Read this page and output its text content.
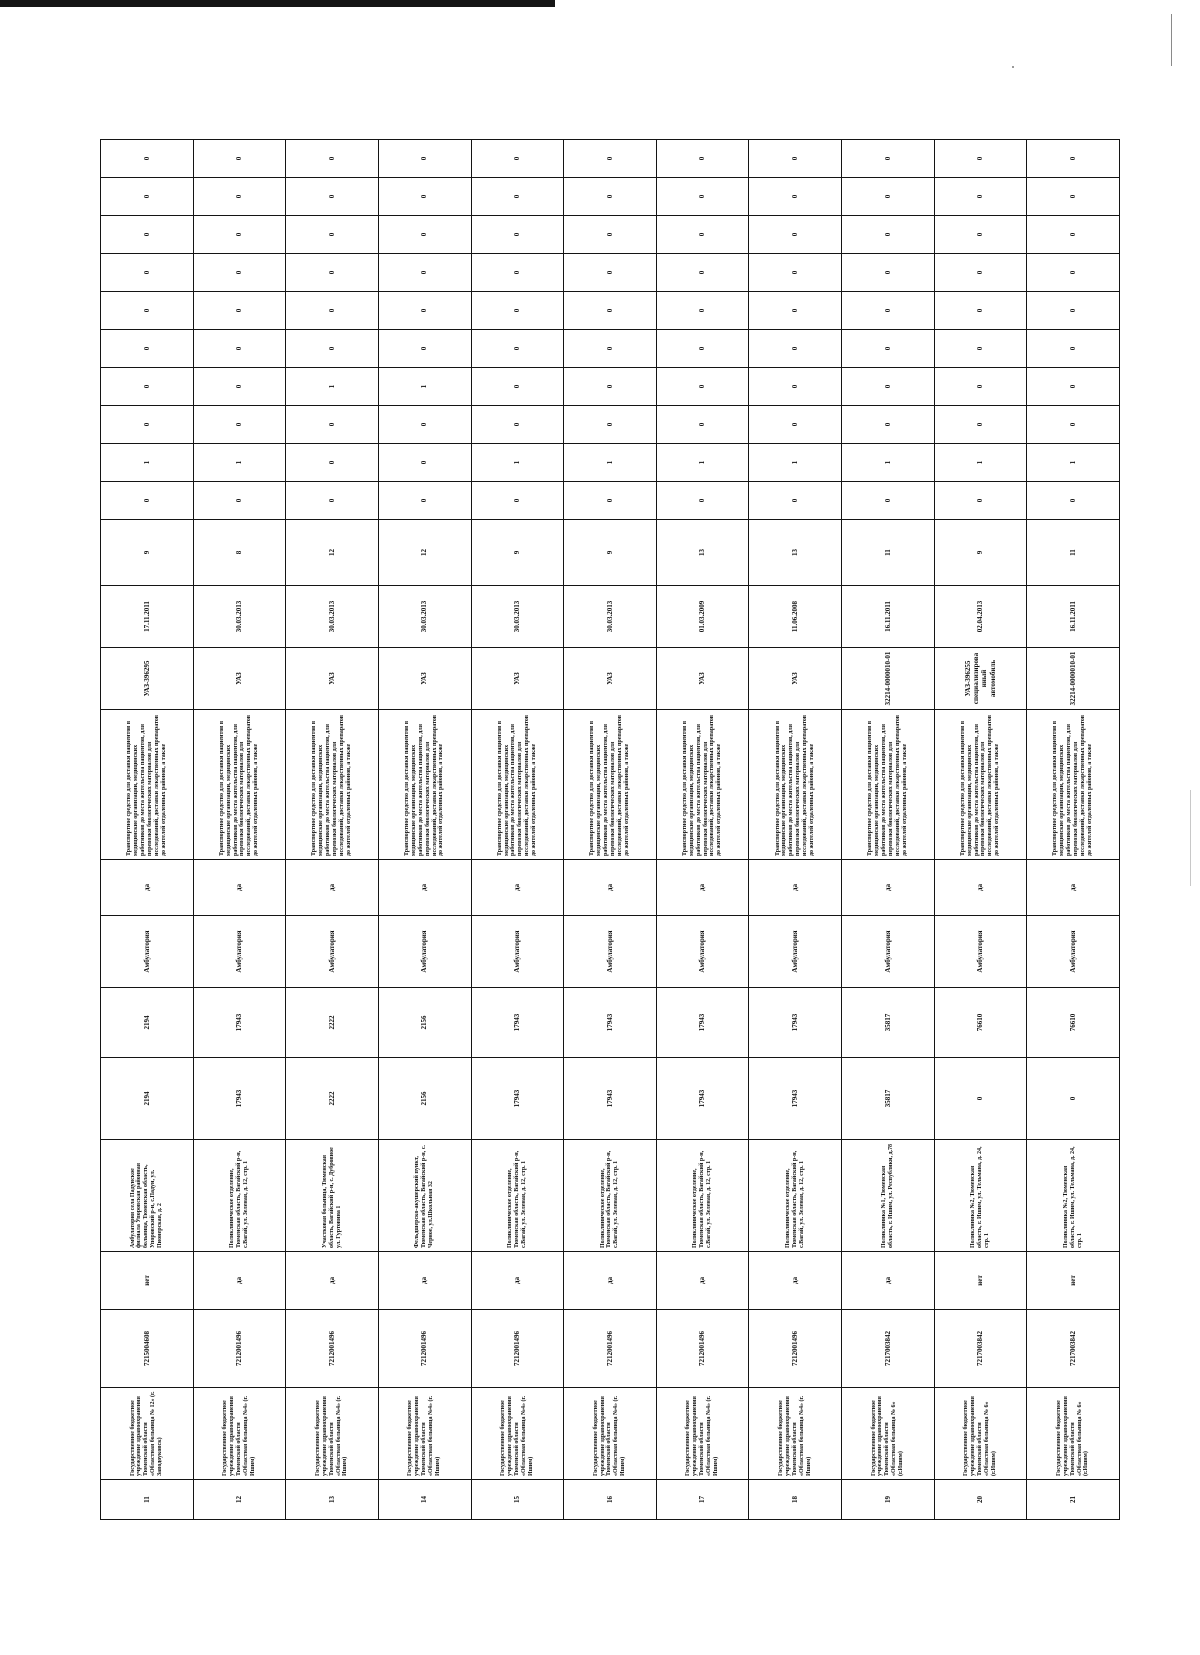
11	Государственное бюджетное учреждение здравоохранения Тюменской области «Областная больница № 12» (г. Заводоуковск)	7215004608	нет	Амбулатория села Падунское филиала Упоровская районная больница, Тюменская область, Упоровский р-н, с.Падун, ул. Пионерская, д. 2	2194	2194	Амбулатория	да	Транспортное средство для доставки пациентов в медицинские организации, медицинских работников до места жительства пациентов, для перевозки биологических материалов для исследований, доставки лекарственных препаратов до жителей отдаленных районов, а также	УАЗ-396295	17.11.2011	9	0	1	0	0	0	0	0	0	0	0
12	Государственное бюджетное учреждение здравоохранения Тюменской области «Областная больница №4» (г. Ишим)	7212001496	да	Поликлиническое отделение, Тюменская область, Вагайский р-н, с.Вагай, ул. Зеленая, д. 12, стр. 1	17943	17943	Амбулатория	да	Транспортное средство для доставки пациентов в медицинские организации, медицинских работников до места жительства пациентов, для перевозки биологических материалов для исследований, доставки лекарственных препаратов до жителей отдаленных районов, а также	УАЗ	30.03.2013	8	0	1	0	0	0	0	0	0	0	0
13	Государственное бюджетное учреждение здравоохранения Тюменской области «Областная больница №4» (г. Ишим)	7212001496	да	Участковая больница, Тюменская область, Вагайский р-н, с. Дубровное ул. Гуртовина 1	2222	2222	Амбулатория	да	Транспортное средство для доставки пациентов в медицинские организации, медицинских работников до места жительства пациентов, для перевозки биологических материалов для исследований, доставки лекарственных препаратов до жителей отдаленных районов, а также	УАЗ	30.03.2013	12	0	0	0	1	0	0	0	0	0	0
14	Государственное бюджетное учреждение здравоохранения Тюменской области «Областная больница №4» (г. Ишим)	7212001496	да	Фельдшерско-акушерский пункт, Тюменская область, Вагайский р-н, с. Черное, ул.Школьная 32	2156	2156	Амбулатория	да	Транспортное средство для доставки пациентов в медицинские организации, медицинских работников до места жительства пациентов, для перевозки биологических материалов для исследований, доставки лекарственных препаратов до жителей отдаленных районов, а также	УАЗ	30.03.2013	12	0	0	0	1	0	0	0	0	0	0
15	Государственное бюджетное учреждение здравоохранения Тюменской области «Областная больница №4» (г. Ишим)	7212001496	да	Поликлиническое отделение, Тюменская область, Вагайский р-н, с.Вагай, ул. Зеленая, д. 12, стр. 1	17943	17943	Амбулатория	да	Транспортное средство для доставки пациентов в медицинские организации, медицинских работников до места жительства пациентов, для перевозки биологических материалов для исследований, доставки лекарственных препаратов до жителей отдаленных районов, а также	УАЗ	30.03.2013	9	0	1	0	0	0	0	0	0	0	0
16	Государственное бюджетное учреждение здравоохранения Тюменской области «Областная больница №4» (г. Ишим)	7212001496	да	Поликлиническое отделение, Тюменская область, Вагайский р-н, с.Вагай, ул. Зеленая, д. 12, стр. 1	17943	17943	Амбулатория	да	Транспортное средство для доставки пациентов в медицинские организации, медицинских работников до места жительства пациентов, для перевозки биологических материалов для исследований, доставки лекарственных препаратов до жителей отдаленных районов, а также	УАЗ	30.03.2013	9	0	1	0	0	0	0	0	0	0	0
17	Государственное бюджетное учреждение здравоохранения Тюменской области «Областная больница №4» (г. Ишим)	7212001496	да	Поликлиническое отделение, Тюменская область, Вагайский р-н, с.Вагай, ул. Зеленая, д. 12, стр. 1	17943	17943	Амбулатория	да	Транспортное средство для доставки пациентов в медицинские организации, медицинских работников до места жительства пациентов, для перевозки биологических материалов для исследований, доставки лекарственных препаратов до жителей отдаленных районов, а также	УАЗ	01.03.2009	13	0	1	0	0	0	0	0	0	0	0
18	Государственное бюджетное учреждение здравоохранения Тюменской области «Областная больница №4» (г. Ишим)	7212001496	да	Поликлиническое отделение, Тюменская область, Вагайский р-н, с.Вагай, ул. Зеленая, д. 12, стр. 1	17943	17943	Амбулатория	да	Транспортное средство для доставки пациентов в медицинские организации, медицинских работников до места жительства пациентов, для перевозки биологических материалов для исследований, доставки лекарственных препаратов до жителей отдаленных районов, а также	УАЗ	11.06.2008	13	0	1	0	0	0	0	0	0	0	0
19	Государственное бюджетное учреждение здравоохранения Тюменской области «Областная больница № 6» (г.Ишим)	7217003842	да	Поликлиника №1, Тюменская область, г. Ишим, ул. Республики, д.78	35817	35817	Амбулатория	да	Транспортное средство для доставки пациентов в медицинские организации, медицинских работников до места жительства пациентов, для перевозки биологических материалов для исследований, доставки лекарственных препаратов до жителей отдаленных районов, а также	32214-0000010-01	16.11.2011	11	0	1	0	0	0	0	0	0	0	0
20	Государственное бюджетное учреждение здравоохранения Тюменской области «Областная больница № 6» (г.Ишим)	7217003842	нет	Поликлиника №2, Тюменская область, г. Ишим, ул. Тельмана, д. 24, стр. 1	0	76610	Амбулатория	да	Транспортное средство для доставки пациентов в медицинские организации, медицинских работников до места жительства пациентов, для перевозки биологических материалов для исследований, доставки лекарственных препаратов до жителей отдаленных районов, а также	УАЗ-396255 специализированный автомобиль	02.04.2013	9	0	1	0	0	0	0	0	0	0	0
21	Государственное бюджетное учреждение здравоохранения Тюменской области «Областная больница № 6» (г.Ишим)	7217003842	нет	Поликлиника №2, Тюменская область, г. Ишим, ул. Тельмана, д. 24, стр. 1	0	76610	Амбулатория	да	Транспортное средство для доставки пациентов в медицинские организации, медицинских работников до места жительства пациентов, для перевозки биологических материалов для исследований, доставки лекарственных препаратов до жителей отдаленных районов, а также	32214-0000010-01	16.11.2011	11	0	1	0	0	0	0	0	0	0	0
